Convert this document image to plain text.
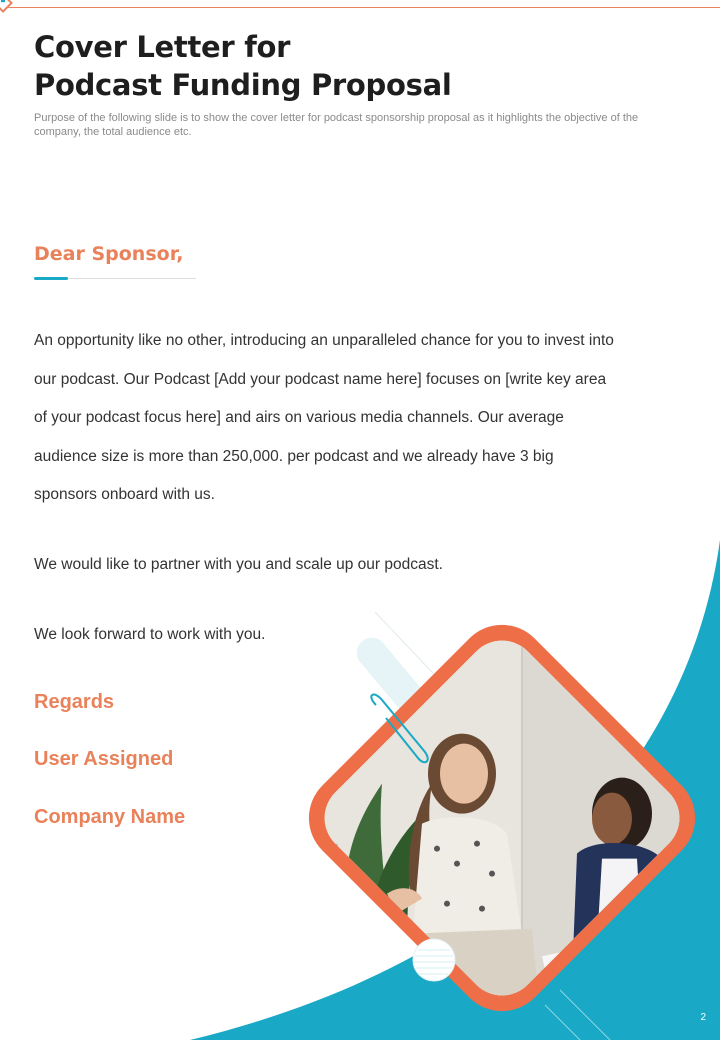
Cover Letter for
Podcast Funding Proposal

Purpose of the following slide is to show the cover letter for podcast sponsorship proposal as it highlights the objective of the company, the total audience etc.

Dear Sponsor,

An opportunity like no other, introducing an unparalleled chance for you to invest into our podcast. Our Podcast [Add your podcast name here] focuses on [write key area of your podcast focus here] and airs on various media channels. Our average audience size is more than 250,000. per podcast and we already have 3 big sponsors onboard with us.

We would like to partner with you and scale up our podcast.

We look forward to work with you.

Regards

User Assigned

Company Name

2
